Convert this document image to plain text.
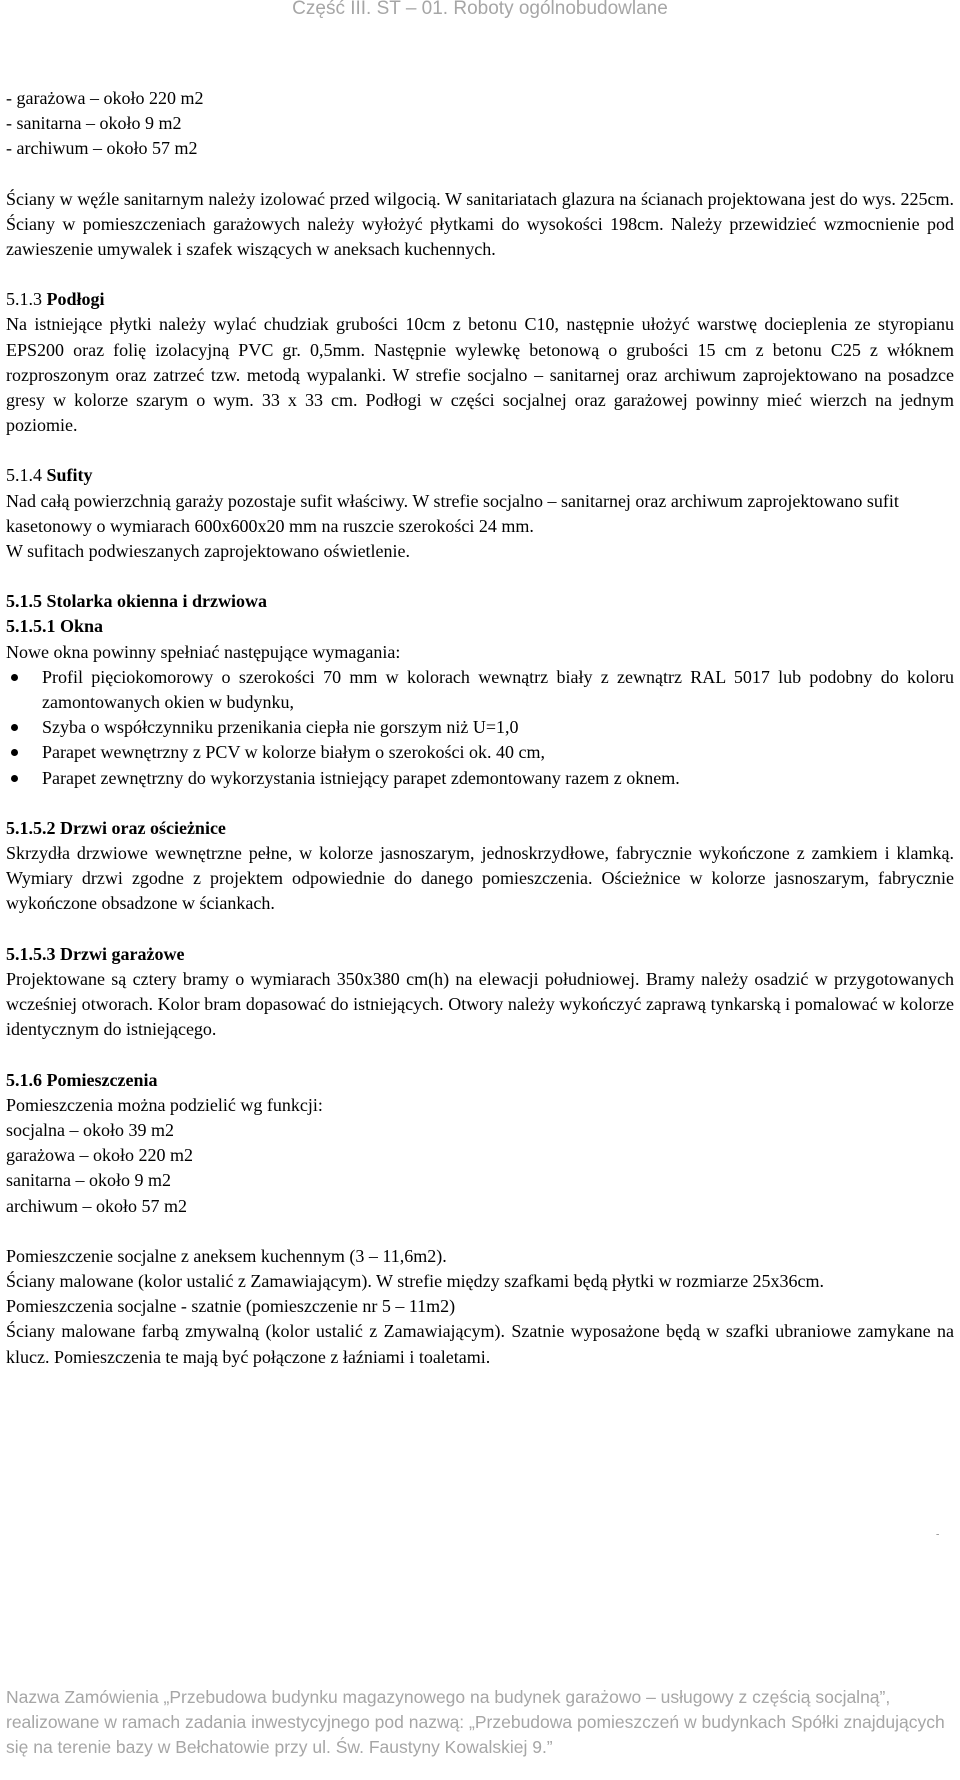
Część III. ST – 01. Roboty ogólnobudowlane

- garażowa – około 220 m2

- sanitarna – około 9 m2

- archiwum – około 57 m2

Ściany w węźle sanitarnym należy izolować przed wilgocią. W sanitariatach glazura na ścianach projektowana jest do wys. 225cm. Ściany w pomieszczeniach garażowych należy wyłożyć płytkami do wysokości 198cm. Należy przewidzieć wzmocnienie pod zawieszenie umywalek i szafek wiszących w aneksach kuchennych.

5.1.3 Podłogi

Na istniejące płytki należy wylać chudziak grubości 10cm z betonu C10, następnie ułożyć warstwę docieplenia ze styropianu EPS200 oraz folię izolacyjną PVC gr. 0,5mm. Następnie wylewkę betonową o grubości 15 cm z betonu C25 z włóknem rozproszonym oraz zatrzeć tzw. metodą wypalanki. W strefie socjalno – sanitarnej oraz archiwum zaprojektowano na posadzce gresy w kolorze szarym o wym. 33 x 33 cm. Podłogi w części socjalnej oraz garażowej powinny mieć wierzch na jednym poziomie.

5.1.4 Sufity

Nad całą powierzchnią garaży pozostaje sufit właściwy. W strefie socjalno – sanitarnej oraz archiwum zaprojektowano sufit kasetonowy o wymiarach 600x600x20 mm na ruszcie szerokości 24 mm.

W sufitach podwieszanych zaprojektowano oświetlenie.

5.1.5 Stolarka okienna i drzwiowa

5.1.5.1 Okna

Nowe okna powinny spełniać następujące wymagania:

Profil pięciokomorowy o szerokości 70 mm w kolorach wewnątrz biały z zewnątrz RAL 5017 lub podobny do koloru zamontowanych okien w budynku,
Szyba o współczynniku przenikania ciepła nie gorszym niż U=1,0
Parapet wewnętrzny z PCV w kolorze białym o szerokości ok. 40 cm,
Parapet zewnętrzny do wykorzystania istniejący parapet zdemontowany razem z oknem.

5.1.5.2 Drzwi oraz ościeżnice

Skrzydła drzwiowe wewnętrzne pełne, w kolorze jasnoszarym, jednoskrzydłowe, fabrycznie wykończone z zamkiem i klamką. Wymiary drzwi zgodne z projektem odpowiednie do danego pomieszczenia. Ościeżnice w kolorze jasnoszarym, fabrycznie wykończone obsadzone w ściankach.

5.1.5.3 Drzwi garażowe

Projektowane są cztery bramy o wymiarach 350x380 cm(h) na elewacji południowej. Bramy należy osadzić w przygotowanych wcześniej otworach. Kolor bram dopasować do istniejących. Otwory należy wykończyć zaprawą tynkarską i pomalować w kolorze identycznym do istniejącego.

5.1.6 Pomieszczenia

Pomieszczenia można podzielić wg funkcji:

socjalna – około 39 m2

garażowa – około 220 m2

sanitarna – około 9 m2

archiwum – około 57 m2

Pomieszczenie socjalne z aneksem kuchennym (3 – 11,6m2).

Ściany malowane (kolor ustalić z Zamawiającym). W strefie między szafkami będą płytki w rozmiarze 25x36cm.

Pomieszczenia socjalne - szatnie (pomieszczenie nr 5 – 11m2)

Ściany malowane farbą zmywalną (kolor ustalić z Zamawiającym). Szatnie wyposażone będą w szafki ubraniowe zamykane na klucz. Pomieszczenia te mają być połączone z łaźniami i toaletami.

-
Nazwa Zamówienia „Przebudowa budynku magazynowego na budynek garażowo – usługowy z częścią socjalną”, realizowane w ramach zadania inwestycyjnego pod nazwą: „Przebudowa pomieszczeń w budynkach Spółki znajdujących się na terenie bazy w Bełchatowie przy ul. Św. Faustyny Kowalskiej 9.”
